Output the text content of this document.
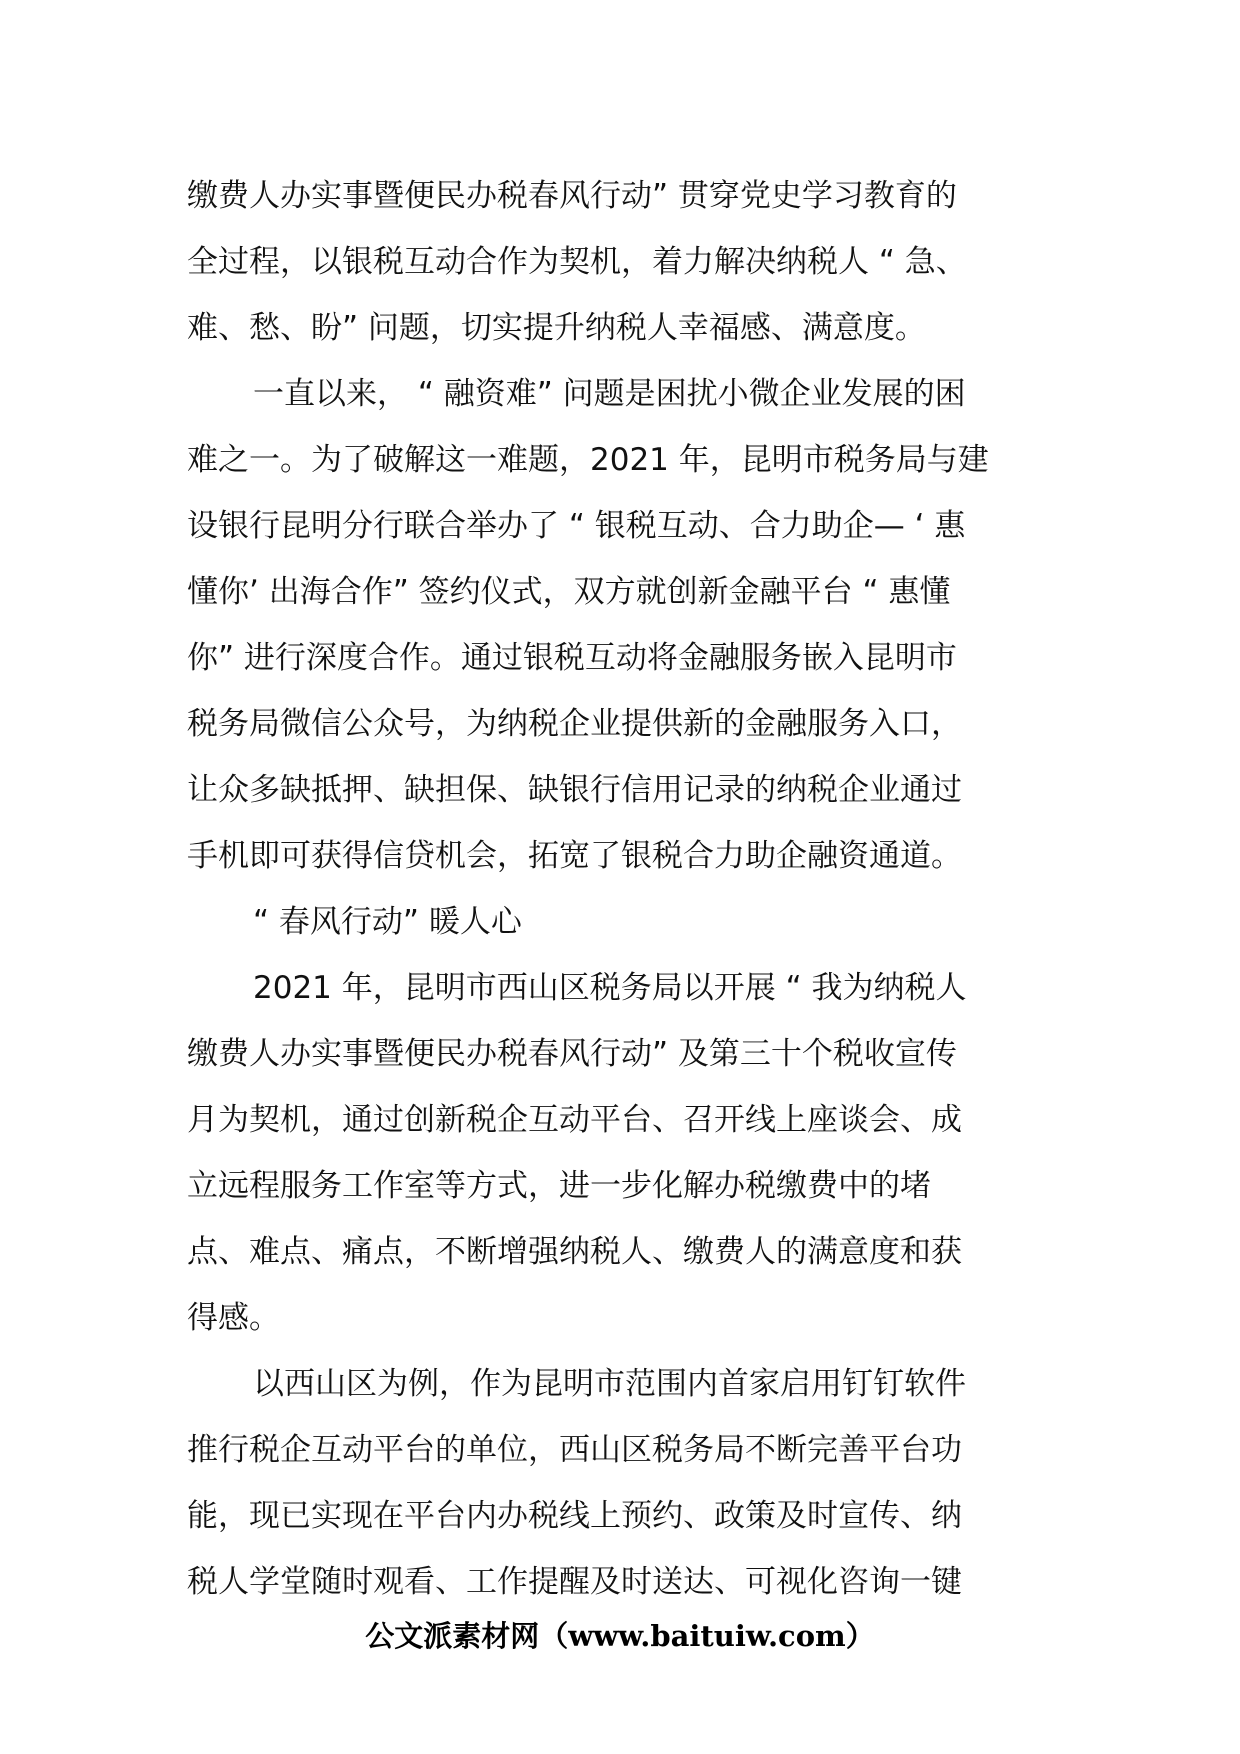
缴费人办实事暨便民办税春风行动” 贯穿党史学习教育的
全过程，以银税互动合作为契机，着力解决纳税人 “ 急、
难、愁、盼” 问题，切实提升纳税人幸福感、满意度。
一直以来， “ 融资难” 问题是困扰小微企业发展的困
难之一。为了破解这一难题，2021 年，昆明市税务局与建
设银行昆明分行联合举办了 “ 银税互动、合力助企— ‘ 惠
懂你’ 出海合作” 签约仪式，双方就创新金融平台 “ 惠懂
你” 进行深度合作。通过银税互动将金融服务嵌入昆明市
税务局微信公众号，为纳税企业提供新的金融服务入口，
让众多缺抵押、缺担保、缺银行信用记录的纳税企业通过
手机即可获得信贷机会，拓宽了银税合力助企融资通道。
“ 春风行动” 暖人心
2021 年，昆明市西山区税务局以开展 “ 我为纳税人
缴费人办实事暨便民办税春风行动” 及第三十个税收宣传
月为契机，通过创新税企互动平台、召开线上座谈会、成
立远程服务工作室等方式，进一步化解办税缴费中的堵
点、难点、痛点，不断增强纳税人、缴费人的满意度和获
得感。
以西山区为例，作为昆明市范围内首家启用钉钉软件
推行税企互动平台的单位，西山区税务局不断完善平台功
能，现已实现在平台内办税线上预约、政策及时宣传、纳
税人学堂随时观看、工作提醒及时送达、可视化咨询一键
公文派素材网（www.baituiw.com）
